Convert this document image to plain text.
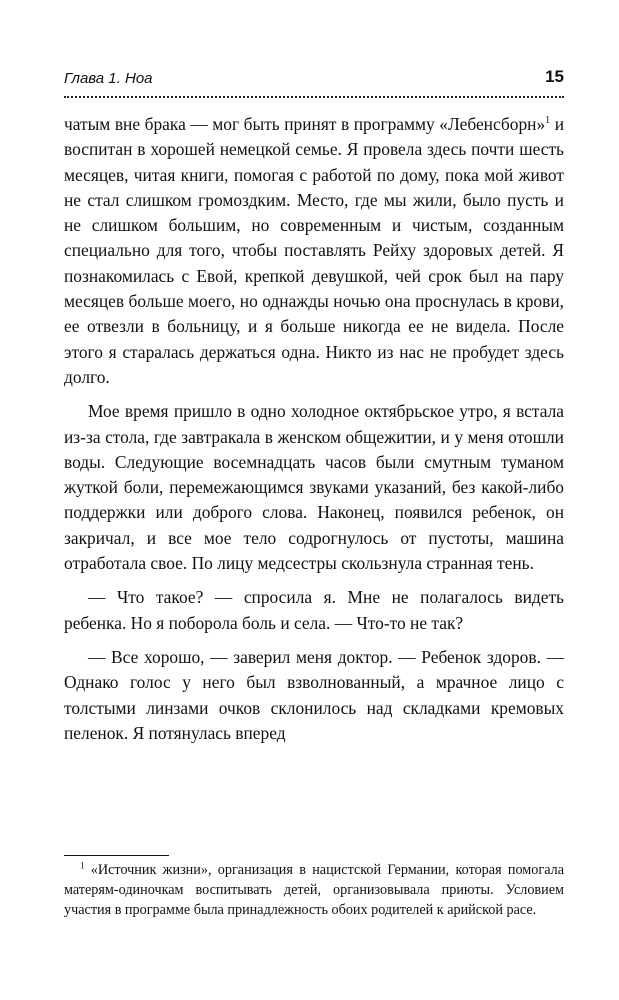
Глава 1. Ноа	15

чатым вне брака — мог быть принят в программу «Лебенсборн»$^1$ и воспитан в хорошей немецкой семье. Я провела здесь почти шесть месяцев, читая книги, помогая с работой по дому, пока мой живот не стал слишком громоздким. Место, где мы жили, было пусть и не слишком большим, но современным и чистым, созданным специально для того, чтобы поставлять Рейху здоровых детей. Я познакомилась с Евой, крепкой девушкой, чей срок был на пару месяцев больше моего, но однажды ночью она проснулась в крови, ее отвезли в больницу, и я больше никогда ее не видела. После этого я старалась держаться одна. Никто из нас не пробудет здесь долго.

Мое время пришло в одно холодное октябрьское утро, я встала из-за стола, где завтракала в женском общежитии, и у меня отошли воды. Следующие восемнадцать часов были смутным туманом жуткой боли, перемежающимся звуками указаний, без какой-либо поддержки или доброго слова. Наконец, появился ребенок, он закричал, и все мое тело содрогнулось от пустоты, машина отработала свое. По лицу медсестры скользнула странная тень.

— Что такое? — спросила я. Мне не полагалось видеть ребенка. Но я поборола боль и села. — Что-то не так?

— Все хорошо, — заверил меня доктор. — Ребенок здоров. — Однако голос у него был взволнованный, а мрачное лицо с толстыми линзами очков склонилось над складками кремовых пеленок. Я потянулась вперед

$^1$ «Источник жизни», организация в нацистской Германии, которая помогала матерям-одиночкам воспитывать детей, организовывала приюты. Условием участия в программе была принадлежность обоих родителей к арийской расе.
